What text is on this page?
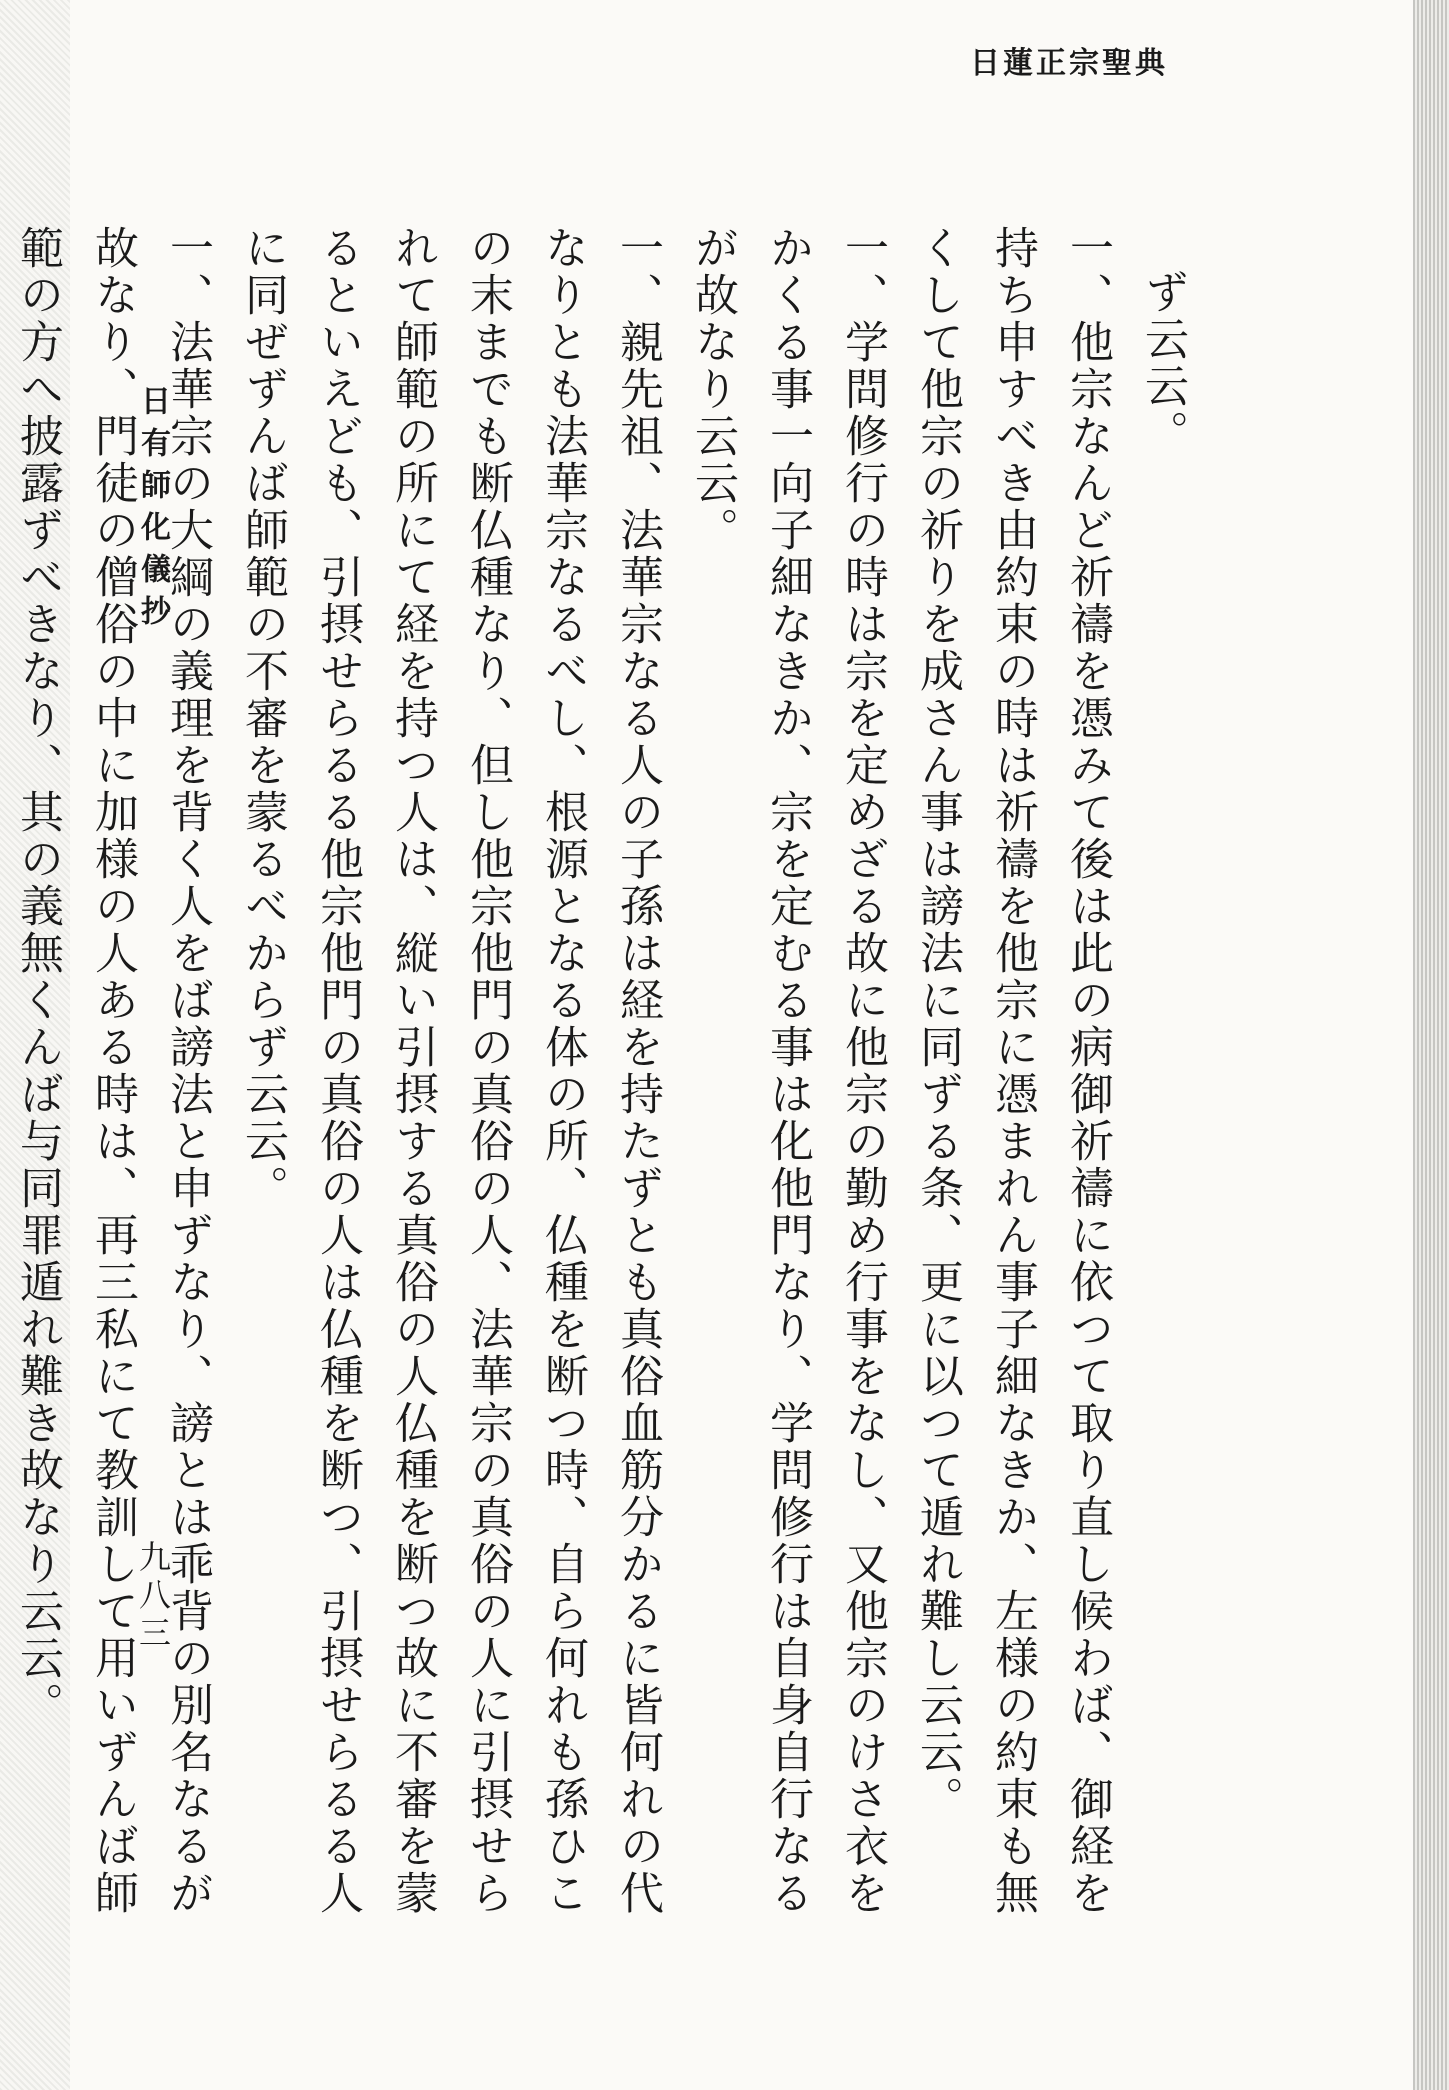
日蓮正宗聖典

ず云云。

一、他宗なんど祈禱を憑みて後は此の病御祈禱に依つて取り直し候わば、御経を持ち申すべき由約束の時は祈禱を他宗に憑まれん事子細なきか、左様の約束も無くして他宗の祈りを成さん事は謗法に同ずる条、更に以つて遁れ難し云云。

一、学問修行の時は宗を定めざる故に他宗の勤め行事をなし、又他宗のけさ衣をかくる事一向子細なきか、宗を定むる事は化他門なり、学問修行は自身自行なるが故なり云云。

一、親先祖、法華宗なる人の子孫は経を持たずとも真俗血筋分かるに皆何れの代なりとも法華宗なるべし、根源となる体の所、仏種を断つ時、自ら何れも孫ひこの末までも断仏種なり、但し他宗他門の真俗の人、法華宗の真俗の人に引摂せられて師範の所にて経を持つ人は、縦い引摂する真俗の人仏種を断つ故に不審を蒙るといえども、引摂せらるる他宗他門の真俗の人は仏種を断つ、引摂せらるる人に同ぜずんば師範の不審を蒙るべからず云云。

一、法華宗の大綱の義理を背く人をば謗法と申ずなり、謗とは乖背の別名なるが故なり、門徒の僧俗の中に加様の人ある時は、再三私にて教訓して用いずんば師範の方へ披露ずべきなり、其の義無くんば与同罪遁れ難き故なり云云。	日有師化儀抄
九八三
